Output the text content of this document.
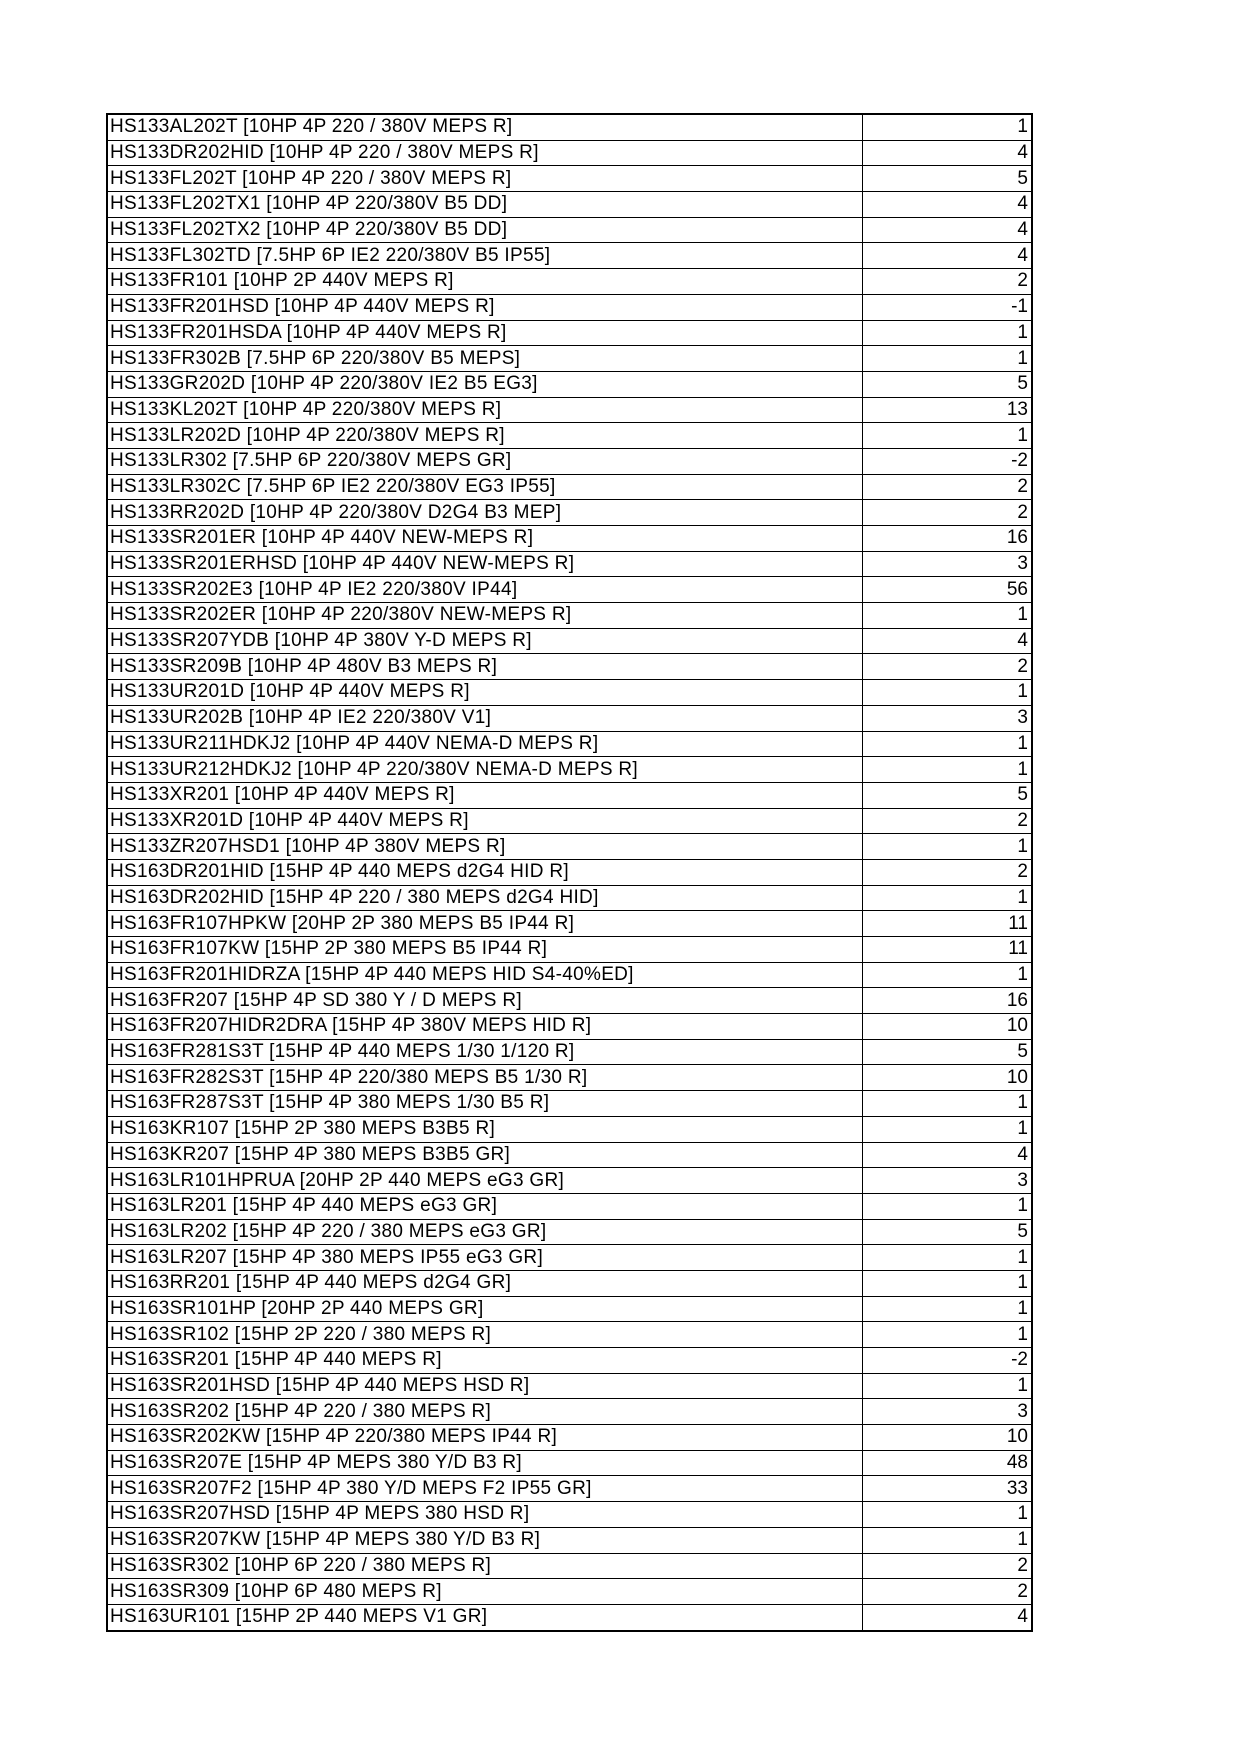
HS133AL202T [10HP 4P 220 / 380V MEPS R]	1
HS133DR202HID [10HP 4P 220 / 380V MEPS R]	4
HS133FL202T [10HP 4P 220 / 380V MEPS R]	5
HS133FL202TX1 [10HP 4P 220/380V B5 DD]	4
HS133FL202TX2 [10HP 4P 220/380V B5 DD]	4
HS133FL302TD [7.5HP 6P IE2 220/380V B5 IP55]	4
HS133FR101 [10HP 2P 440V MEPS R]	2
HS133FR201HSD [10HP 4P 440V MEPS R]	-1
HS133FR201HSDA [10HP 4P 440V MEPS R]	1
HS133FR302B [7.5HP 6P 220/380V B5 MEPS]	1
HS133GR202D [10HP 4P 220/380V IE2 B5 EG3]	5
HS133KL202T [10HP 4P 220/380V MEPS R]	13
HS133LR202D [10HP 4P 220/380V MEPS R]	1
HS133LR302 [7.5HP 6P 220/380V MEPS GR]	-2
HS133LR302C [7.5HP 6P IE2 220/380V EG3 IP55]	2
HS133RR202D [10HP 4P 220/380V D2G4 B3 MEP]	2
HS133SR201ER [10HP 4P 440V NEW-MEPS R]	16
HS133SR201ERHSD [10HP 4P 440V NEW-MEPS R]	3
HS133SR202E3 [10HP 4P IE2 220/380V IP44]	56
HS133SR202ER [10HP 4P 220/380V NEW-MEPS R]	1
HS133SR207YDB [10HP 4P 380V Y-D MEPS R]	4
HS133SR209B [10HP 4P 480V B3 MEPS R]	2
HS133UR201D [10HP 4P 440V MEPS R]	1
HS133UR202B [10HP 4P IE2 220/380V V1]	3
HS133UR211HDKJ2 [10HP 4P 440V NEMA-D MEPS R]	1
HS133UR212HDKJ2 [10HP 4P 220/380V NEMA-D MEPS R]	1
HS133XR201 [10HP 4P 440V MEPS R]	5
HS133XR201D [10HP 4P 440V MEPS R]	2
HS133ZR207HSD1 [10HP 4P 380V MEPS R]	1
HS163DR201HID [15HP 4P 440 MEPS d2G4 HID R]	2
HS163DR202HID [15HP 4P 220 / 380 MEPS d2G4 HID]	1
HS163FR107HPKW [20HP 2P 380 MEPS B5 IP44 R]	11
HS163FR107KW [15HP 2P 380 MEPS B5 IP44 R]	11
HS163FR201HIDRZA [15HP 4P 440 MEPS HID S4-40%ED]	1
HS163FR207 [15HP 4P SD 380 Y / D MEPS R]	16
HS163FR207HIDR2DRA [15HP 4P 380V MEPS HID R]	10
HS163FR281S3T [15HP 4P 440 MEPS 1/30 1/120 R]	5
HS163FR282S3T [15HP 4P 220/380 MEPS B5 1/30 R]	10
HS163FR287S3T [15HP 4P 380 MEPS 1/30 B5 R]	1
HS163KR107 [15HP 2P 380 MEPS B3B5 R]	1
HS163KR207 [15HP 4P 380 MEPS B3B5 GR]	4
HS163LR101HPRUA [20HP 2P 440 MEPS eG3 GR]	3
HS163LR201 [15HP 4P 440 MEPS eG3 GR]	1
HS163LR202 [15HP 4P 220 / 380 MEPS eG3 GR]	5
HS163LR207 [15HP 4P 380 MEPS IP55 eG3 GR]	1
HS163RR201 [15HP 4P 440 MEPS d2G4 GR]	1
HS163SR101HP [20HP 2P 440 MEPS GR]	1
HS163SR102 [15HP 2P 220 / 380 MEPS R]	1
HS163SR201 [15HP 4P 440 MEPS R]	-2
HS163SR201HSD [15HP 4P 440 MEPS HSD R]	1
HS163SR202 [15HP 4P 220 / 380 MEPS R]	3
HS163SR202KW [15HP 4P 220/380 MEPS IP44 R]	10
HS163SR207E [15HP 4P MEPS 380 Y/D B3 R]	48
HS163SR207F2 [15HP 4P 380 Y/D MEPS F2 IP55 GR]	33
HS163SR207HSD [15HP 4P MEPS 380 HSD R]	1
HS163SR207KW [15HP 4P MEPS 380 Y/D B3 R]	1
HS163SR302 [10HP 6P 220 / 380 MEPS R]	2
HS163SR309 [10HP 6P 480 MEPS R]	2
HS163UR101 [15HP 2P 440 MEPS V1 GR]	4
